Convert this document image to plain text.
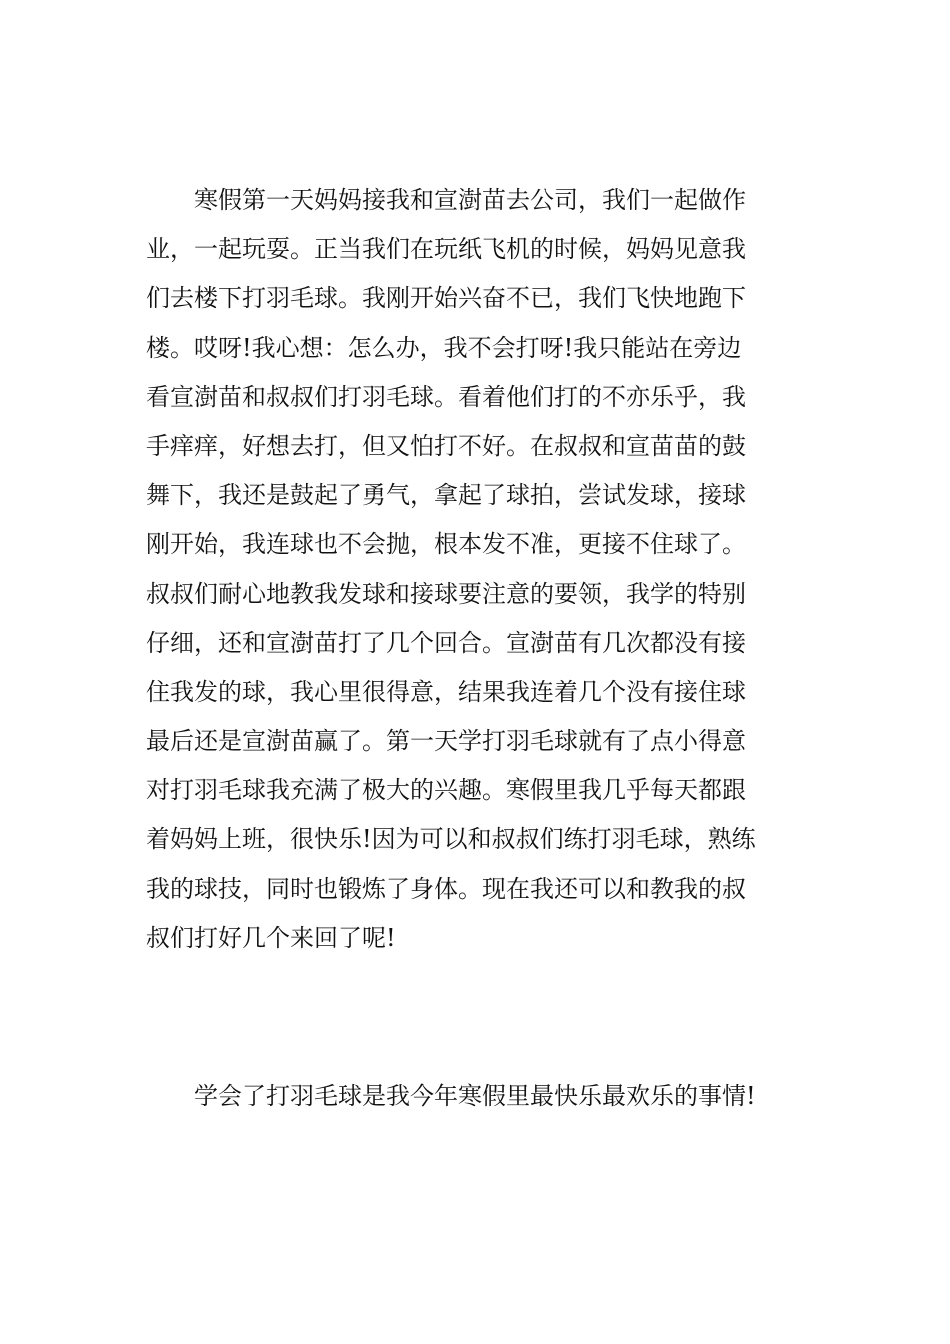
寒假第一天妈妈接我和宣澍苗去公司，我们一起做作
业，一起玩耍。正当我们在玩纸飞机的时候，妈妈见意我
们去楼下打羽毛球。我刚开始兴奋不已，我们飞快地跑下
楼。哎呀!我心想：怎么办，我不会打呀!我只能站在旁边
看宣澍苗和叔叔们打羽毛球。看着他们打的不亦乐乎，我
手痒痒，好想去打，但又怕打不好。在叔叔和宣苗苗的鼓
舞下，我还是鼓起了勇气，拿起了球拍，尝试发球，接球
刚开始，我连球也不会抛，根本发不准，更接不住球了。
叔叔们耐心地教我发球和接球要注意的要领，我学的特别
仔细，还和宣澍苗打了几个回合。宣澍苗有几次都没有接
住我发的球，我心里很得意，结果我连着几个没有接住球
最后还是宣澍苗赢了。第一天学打羽毛球就有了点小得意
对打羽毛球我充满了极大的兴趣。寒假里我几乎每天都跟
着妈妈上班，很快乐!因为可以和叔叔们练打羽毛球，熟练
我的球技，同时也锻炼了身体。现在我还可以和教我的叔
叔们打好几个来回了呢!
学会了打羽毛球是我今年寒假里最快乐最欢乐的事情!
